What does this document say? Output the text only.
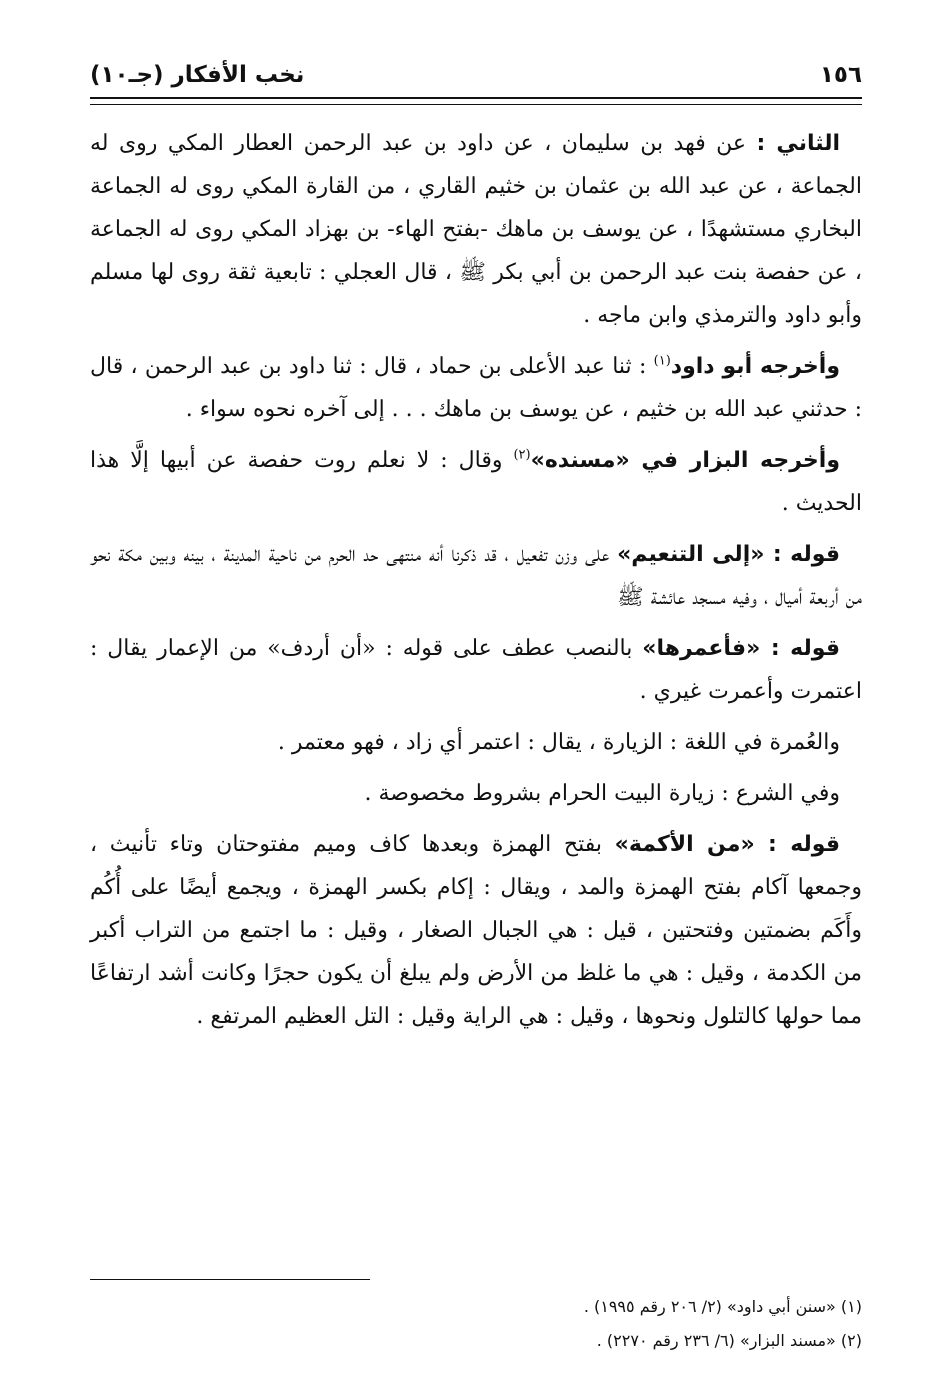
١٥٦
نخب الأفكار (جـ١٠)

الثاني : عن فهد بن سليمان ، عن داود بن عبد الرحمن العطار المكي روى له الجماعة ، عن عبد الله بن عثمان بن خثيم القاري ، من القارة المكي روى له الجماعة البخاري مستشهدًا ، عن يوسف بن ماهك -بفتح الهاء- بن بهزاد المكي روى له الجماعة ، عن حفصة بنت عبد الرحمن بن أبي بكر ﷺ ، قال العجلي : تابعية ثقة روى لها مسلم وأبو داود والترمذي وابن ماجه .

وأخرجه أبو داود$^{(١)}$ : ثنا عبد الأعلى بن حماد ، قال : ثنا داود بن عبد الرحمن ، قال : حدثني عبد الله بن خثيم ، عن يوسف بن ماهك . . . إلى آخره نحوه سواء .

وأخرجه البزار في «مسنده»$^{(٢)}$ وقال : لا نعلم روت حفصة عن أبيها إلَّا هذا الحديث .

قوله : «إلى التنعيم» على وزن تفعيل ، قد ذكرنا أنه منتهى حد الحرم من ناحية المدينة ، بينه وبين مكة نحو من أربعة أميال ، وفيه مسجد عائشة ﷺ

قوله : «فأعمرها» بالنصب عطف على قوله : «أن أردف» من الإعمار يقال : اعتمرت وأعمرت غيري .

والعُمرة في اللغة : الزيارة ، يقال : اعتمر أي زاد ، فهو معتمر .

وفي الشرع : زيارة البيت الحرام بشروط مخصوصة .

قوله : «من الأكمة» بفتح الهمزة وبعدها كاف وميم مفتوحتان وتاء تأنيث ، وجمعها آكام بفتح الهمزة والمد ، ويقال : إكام بكسر الهمزة ، ويجمع أيضًا على أُكُم وأَكَم بضمتين وفتحتين ، قيل : هي الجبال الصغار ، وقيل : ما اجتمع من التراب أكبر من الكدمة ، وقيل : هي ما غلظ من الأرض ولم يبلغ أن يكون حجرًا وكانت أشد ارتفاعًا مما حولها كالتلول ونحوها ، وقيل : هي الراية وقيل : التل العظيم المرتفع .

(١) «سنن أبي داود» (٢/ ٢٠٦ رقم ١٩٩٥) .

(٢) «مسند البزار» (٦/ ٢٣٦ رقم ٢٢٧٠) .
